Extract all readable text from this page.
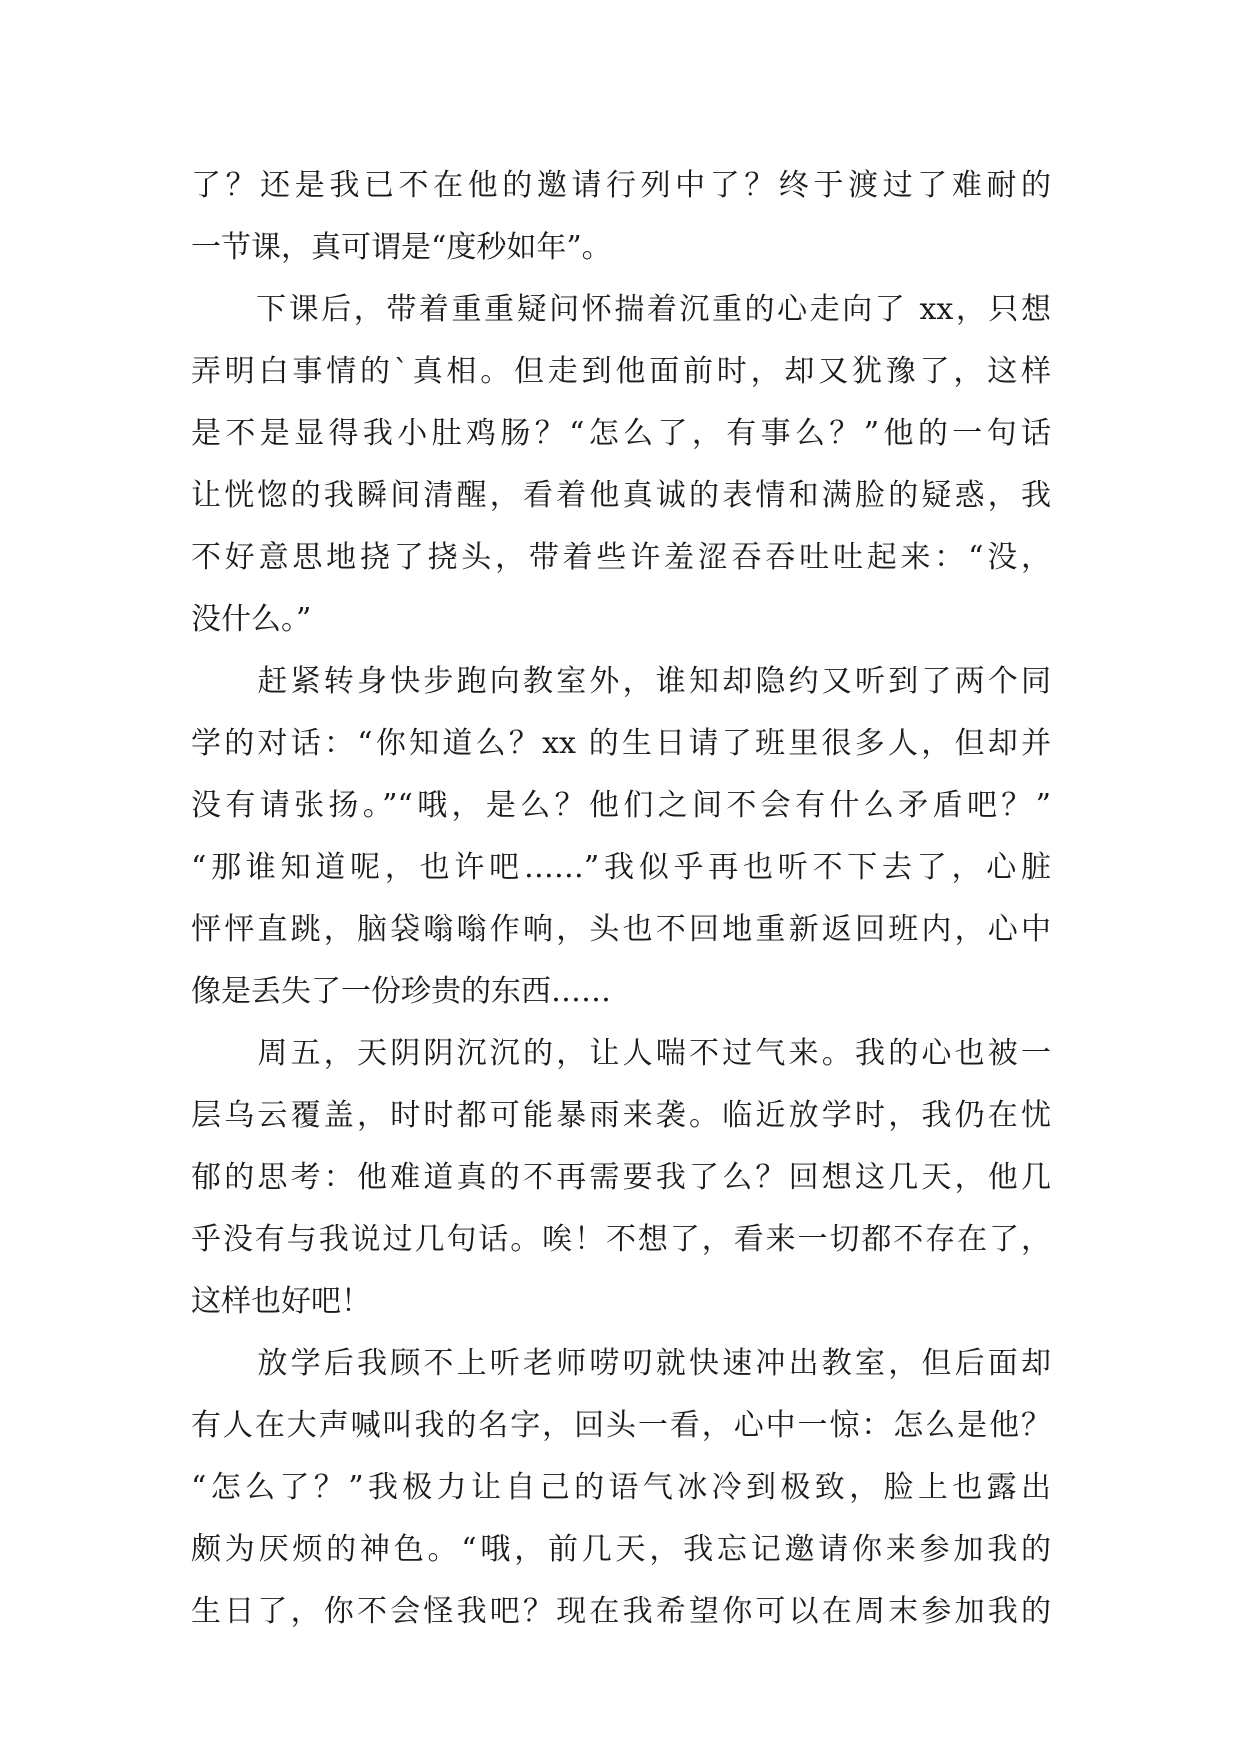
了？还是我已不在他的邀请行列中了？终于渡过了难耐的
一节课，真可谓是“度秒如年”。
　　下课后，带着重重疑问怀揣着沉重的心走向了 xx，只想
弄明白事情的`真相。但走到他面前时，却又犹豫了，这样
是不是显得我小肚鸡肠？“怎么了，有事么？”他的一句话
让恍惚的我瞬间清醒，看着他真诚的表情和满脸的疑惑，我
不好意思地挠了挠头，带着些许羞涩吞吞吐吐起来：“没，
没什么。”
　　赶紧转身快步跑向教室外，谁知却隐约又听到了两个同
学的对话：“你知道么？xx 的生日请了班里很多人，但却并
没有请张扬。”“哦，是么？他们之间不会有什么矛盾吧？”
“那谁知道呢，也许吧……”我似乎再也听不下去了，心脏
怦怦直跳，脑袋嗡嗡作响，头也不回地重新返回班内，心中
像是丢失了一份珍贵的东西……
　　周五，天阴阴沉沉的，让人喘不过气来。我的心也被一
层乌云覆盖，时时都可能暴雨来袭。临近放学时，我仍在忧
郁的思考：他难道真的不再需要我了么？回想这几天，他几
乎没有与我说过几句话。唉！不想了，看来一切都不存在了，
这样也好吧！
　　放学后我顾不上听老师唠叨就快速冲出教室，但后面却
有人在大声喊叫我的名字，回头一看，心中一惊：怎么是他？
“怎么了？”我极力让自己的语气冰冷到极致，脸上也露出
颇为厌烦的神色。“哦，前几天，我忘记邀请你来参加我的
生日了，你不会怪我吧？现在我希望你可以在周末参加我的
